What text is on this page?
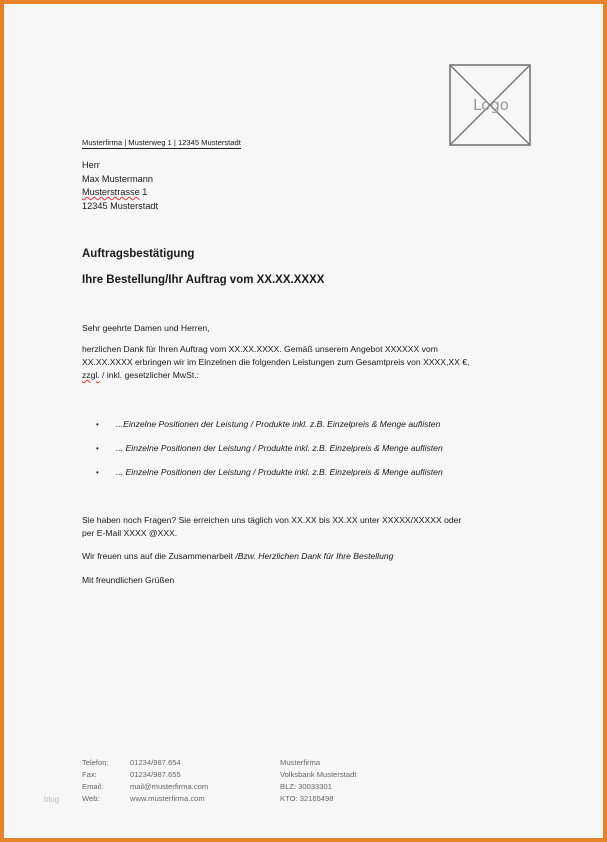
Logo
Musterfirma | Musterweg 1 | 12345 Musterstadt
Herr
Max Mustermann
Musterstrasse 1
12345 Musterstadt
Auftragsbestätigung
Ihre Bestellung/Ihr Auftrag vom XX.XX.XXXX
Sehr geehrte Damen und Herren,
herzlichen Dank für Ihren Auftrag vom XX.XX.XXXX. Gemäß unserem Angebot XXXXXX vom
XX.XX.XXXX erbringen wir im Einzelnen die folgenden Leistungen zum Gesamtpreis von XXXX,XX €,
zzgl. / inkl. gesetzlicher MwSt.:
• ...Einzelne Positionen der Leistung / Produkte inkl. z.B. Einzelpreis & Menge auflisten
• ... Einzelne Positionen der Leistung / Produkte inkl. z.B. Einzelpreis & Menge auflisten
• ... Einzelne Positionen der Leistung / Produkte inkl. z.B. Einzelpreis & Menge auflisten
Sie haben noch Fragen? Sie erreichen uns täglich von XX.XX bis XX.XX unter XXXXX/XXXXX oder
per E-Mail XXXX @XXX.
Wir freuen uns auf die Zusammenarbeit /Bzw. Herzlichen Dank für Ihre Bestellung
Mit freundlichen Grüßen
Telefon:
Fax:
Email:
Web:
01234/987.654
01234/987.655
mail@musterfirma.com
www.musterfirma.com
Musterfirma
Volksbank Musterstadt
BLZ: 30033301
KTO: 32165498
blog
